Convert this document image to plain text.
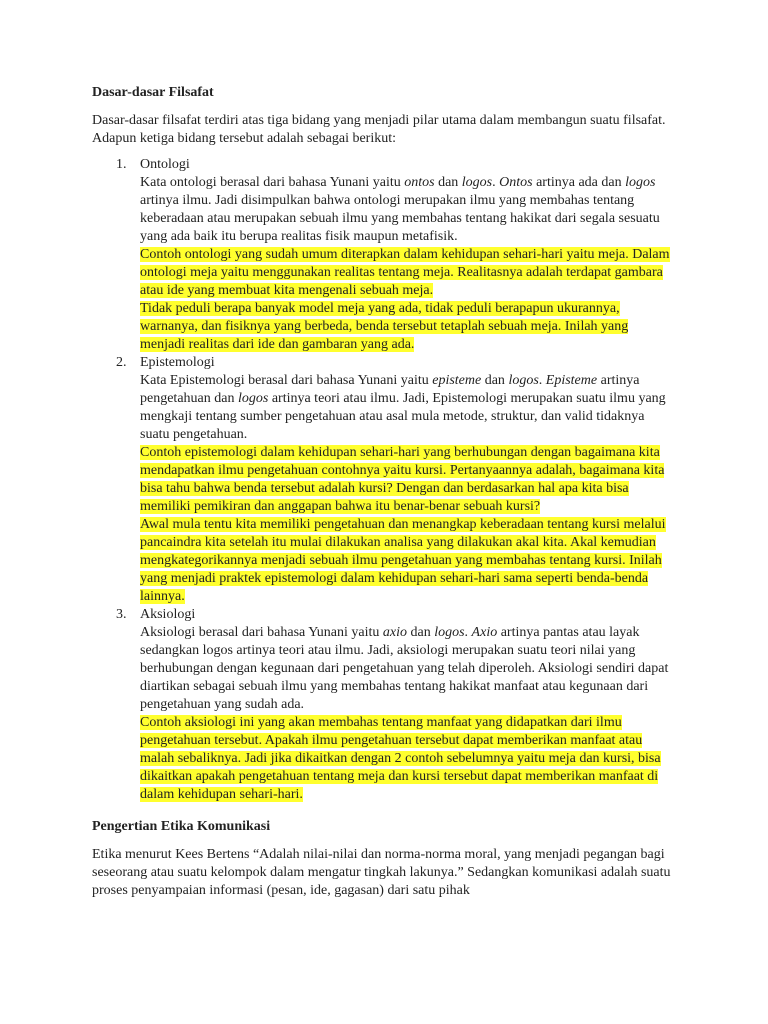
Dasar-dasar Filsafat

Dasar-dasar filsafat terdiri atas tiga bidang yang menjadi pilar utama dalam membangun suatu filsafat. Adapun ketiga bidang tersebut adalah sebagai berikut:

1. Ontologi

Kata ontologi berasal dari bahasa Yunani yaitu ontos dan logos. Ontos artinya ada dan logos artinya ilmu. Jadi disimpulkan bahwa ontologi merupakan ilmu yang membahas tentang keberadaan atau merupakan sebuah ilmu yang membahas tentang hakikat dari segala sesuatu yang ada baik itu berupa realitas fisik maupun metafisik.

Contoh ontologi yang sudah umum diterapkan dalam kehidupan sehari-hari yaitu meja. Dalam ontologi meja yaitu menggunakan realitas tentang meja. Realitasnya adalah terdapat gambara atau ide yang membuat kita mengenali sebuah meja.

Tidak peduli berapa banyak model meja yang ada, tidak peduli berapapun ukurannya, warnanya, dan fisiknya yang berbeda, benda tersebut tetaplah sebuah meja. Inilah yang menjadi realitas dari ide dan gambaran yang ada.

2. Epistemologi

Kata Epistemologi berasal dari bahasa Yunani yaitu episteme dan logos. Episteme artinya pengetahuan dan logos artinya teori atau ilmu. Jadi, Epistemologi merupakan suatu ilmu yang mengkaji tentang sumber pengetahuan atau asal mula metode, struktur, dan valid tidaknya suatu pengetahuan.

Contoh epistemologi dalam kehidupan sehari-hari yang berhubungan dengan bagaimana kita mendapatkan ilmu pengetahuan contohnya yaitu kursi. Pertanyaannya adalah, bagaimana kita bisa tahu bahwa benda tersebut adalah kursi? Dengan dan berdasarkan hal apa kita bisa memiliki pemikiran dan anggapan bahwa itu benar-benar sebuah kursi?

Awal mula tentu kita memiliki pengetahuan dan menangkap keberadaan tentang kursi melalui pancaindra kita setelah itu mulai dilakukan analisa yang dilakukan akal kita. Akal kemudian mengkategorikannya menjadi sebuah ilmu pengetahuan yang membahas tentang kursi. Inilah yang menjadi praktek epistemologi dalam kehidupan sehari-hari sama seperti benda-benda lainnya.

3. Aksiologi

Aksiologi berasal dari bahasa Yunani yaitu axio dan logos. Axio artinya pantas atau layak sedangkan logos artinya teori atau ilmu. Jadi, aksiologi merupakan suatu teori nilai yang berhubungan dengan kegunaan dari pengetahuan yang telah diperoleh. Aksiologi sendiri dapat diartikan sebagai sebuah ilmu yang membahas tentang hakikat manfaat atau kegunaan dari pengetahuan yang sudah ada.

Contoh aksiologi ini yang akan membahas tentang manfaat yang didapatkan dari ilmu pengetahuan tersebut. Apakah ilmu pengetahuan tersebut dapat memberikan manfaat atau malah sebaliknya. Jadi jika dikaitkan dengan 2 contoh sebelumnya yaitu meja dan kursi, bisa dikaitkan apakah pengetahuan tentang meja dan kursi tersebut dapat memberikan manfaat di dalam kehidupan sehari-hari.

Pengertian Etika Komunikasi

Etika menurut Kees Bertens “Adalah nilai-nilai dan norma-norma moral, yang menjadi pegangan bagi seseorang atau suatu kelompok dalam mengatur tingkah lakunya.” Sedangkan komunikasi adalah suatu proses penyampaian informasi (pesan, ide, gagasan) dari satu pihak
